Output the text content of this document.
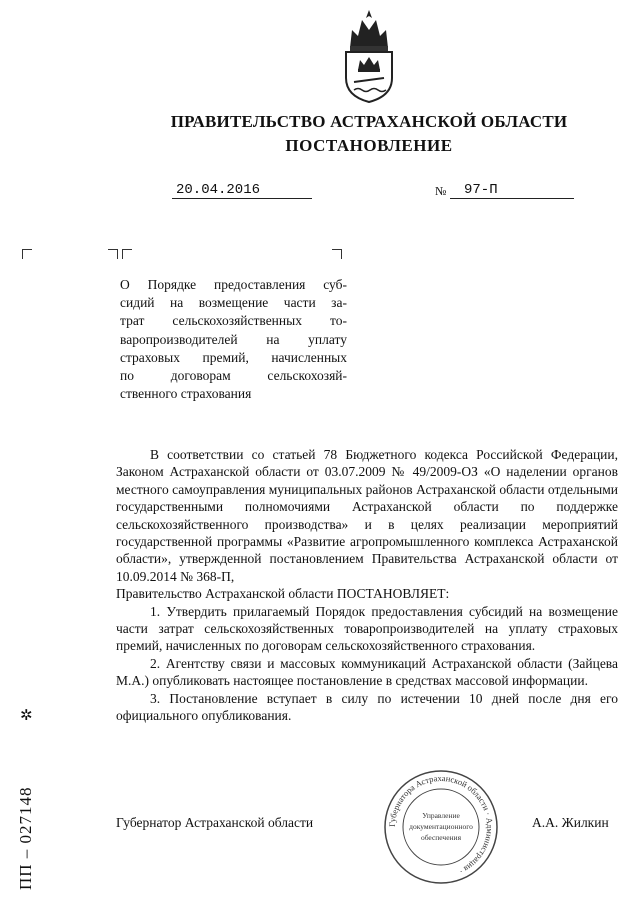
ПРАВИТЕЛЬСТВО АСТРАХАНСКОЙ ОБЛАСТИ
ПОСТАНОВЛЕНИЕ
20.04.2016	№ 97-П
О Порядке предоставления суб-
сидий на возмещение части за-
трат сельскохозяйственных то-
варопроизводителей на уплату
страховых премий, начисленных
по договорам сельскохозяй-
ственного страхования

В соответствии со статьей 78 Бюджетного кодекса Российской Федерации, Законом Астраханской области от 03.07.2009 № 49/2009-ОЗ «О наделении органов местного самоуправления муниципальных районов Астраханской области отдельными государственными полномочиями Астраханской области по поддержке сельскохозяйственного производства» и в целях реализации мероприятий государственной программы «Развитие агропромышленного комплекса Астраханской области», утвержденной постановлением Правительства Астраханской области от 10.09.2014 № 368-П,

Правительство Астраханской области ПОСТАНОВЛЯЕТ:

1. Утвердить прилагаемый Порядок предоставления субсидий на возмещение части затрат сельскохозяйственных товаропроизводителей на уплату страховых премий, начисленных по договорам сельскохозяйственного страхования.

2. Агентству связи и массовых коммуникаций Астраханской области (Зайцева М.А.) опубликовать настоящее постановление в средствах массовой информации.

3. Постановление вступает в силу по истечении 10 дней после дня его официального опубликования.

Губернатор Астраханской области	А.А. Жилкин
Губернатора Астраханской области · Администрация ·
Управление
документационного
обеспечения
✲
ПП – 027148
